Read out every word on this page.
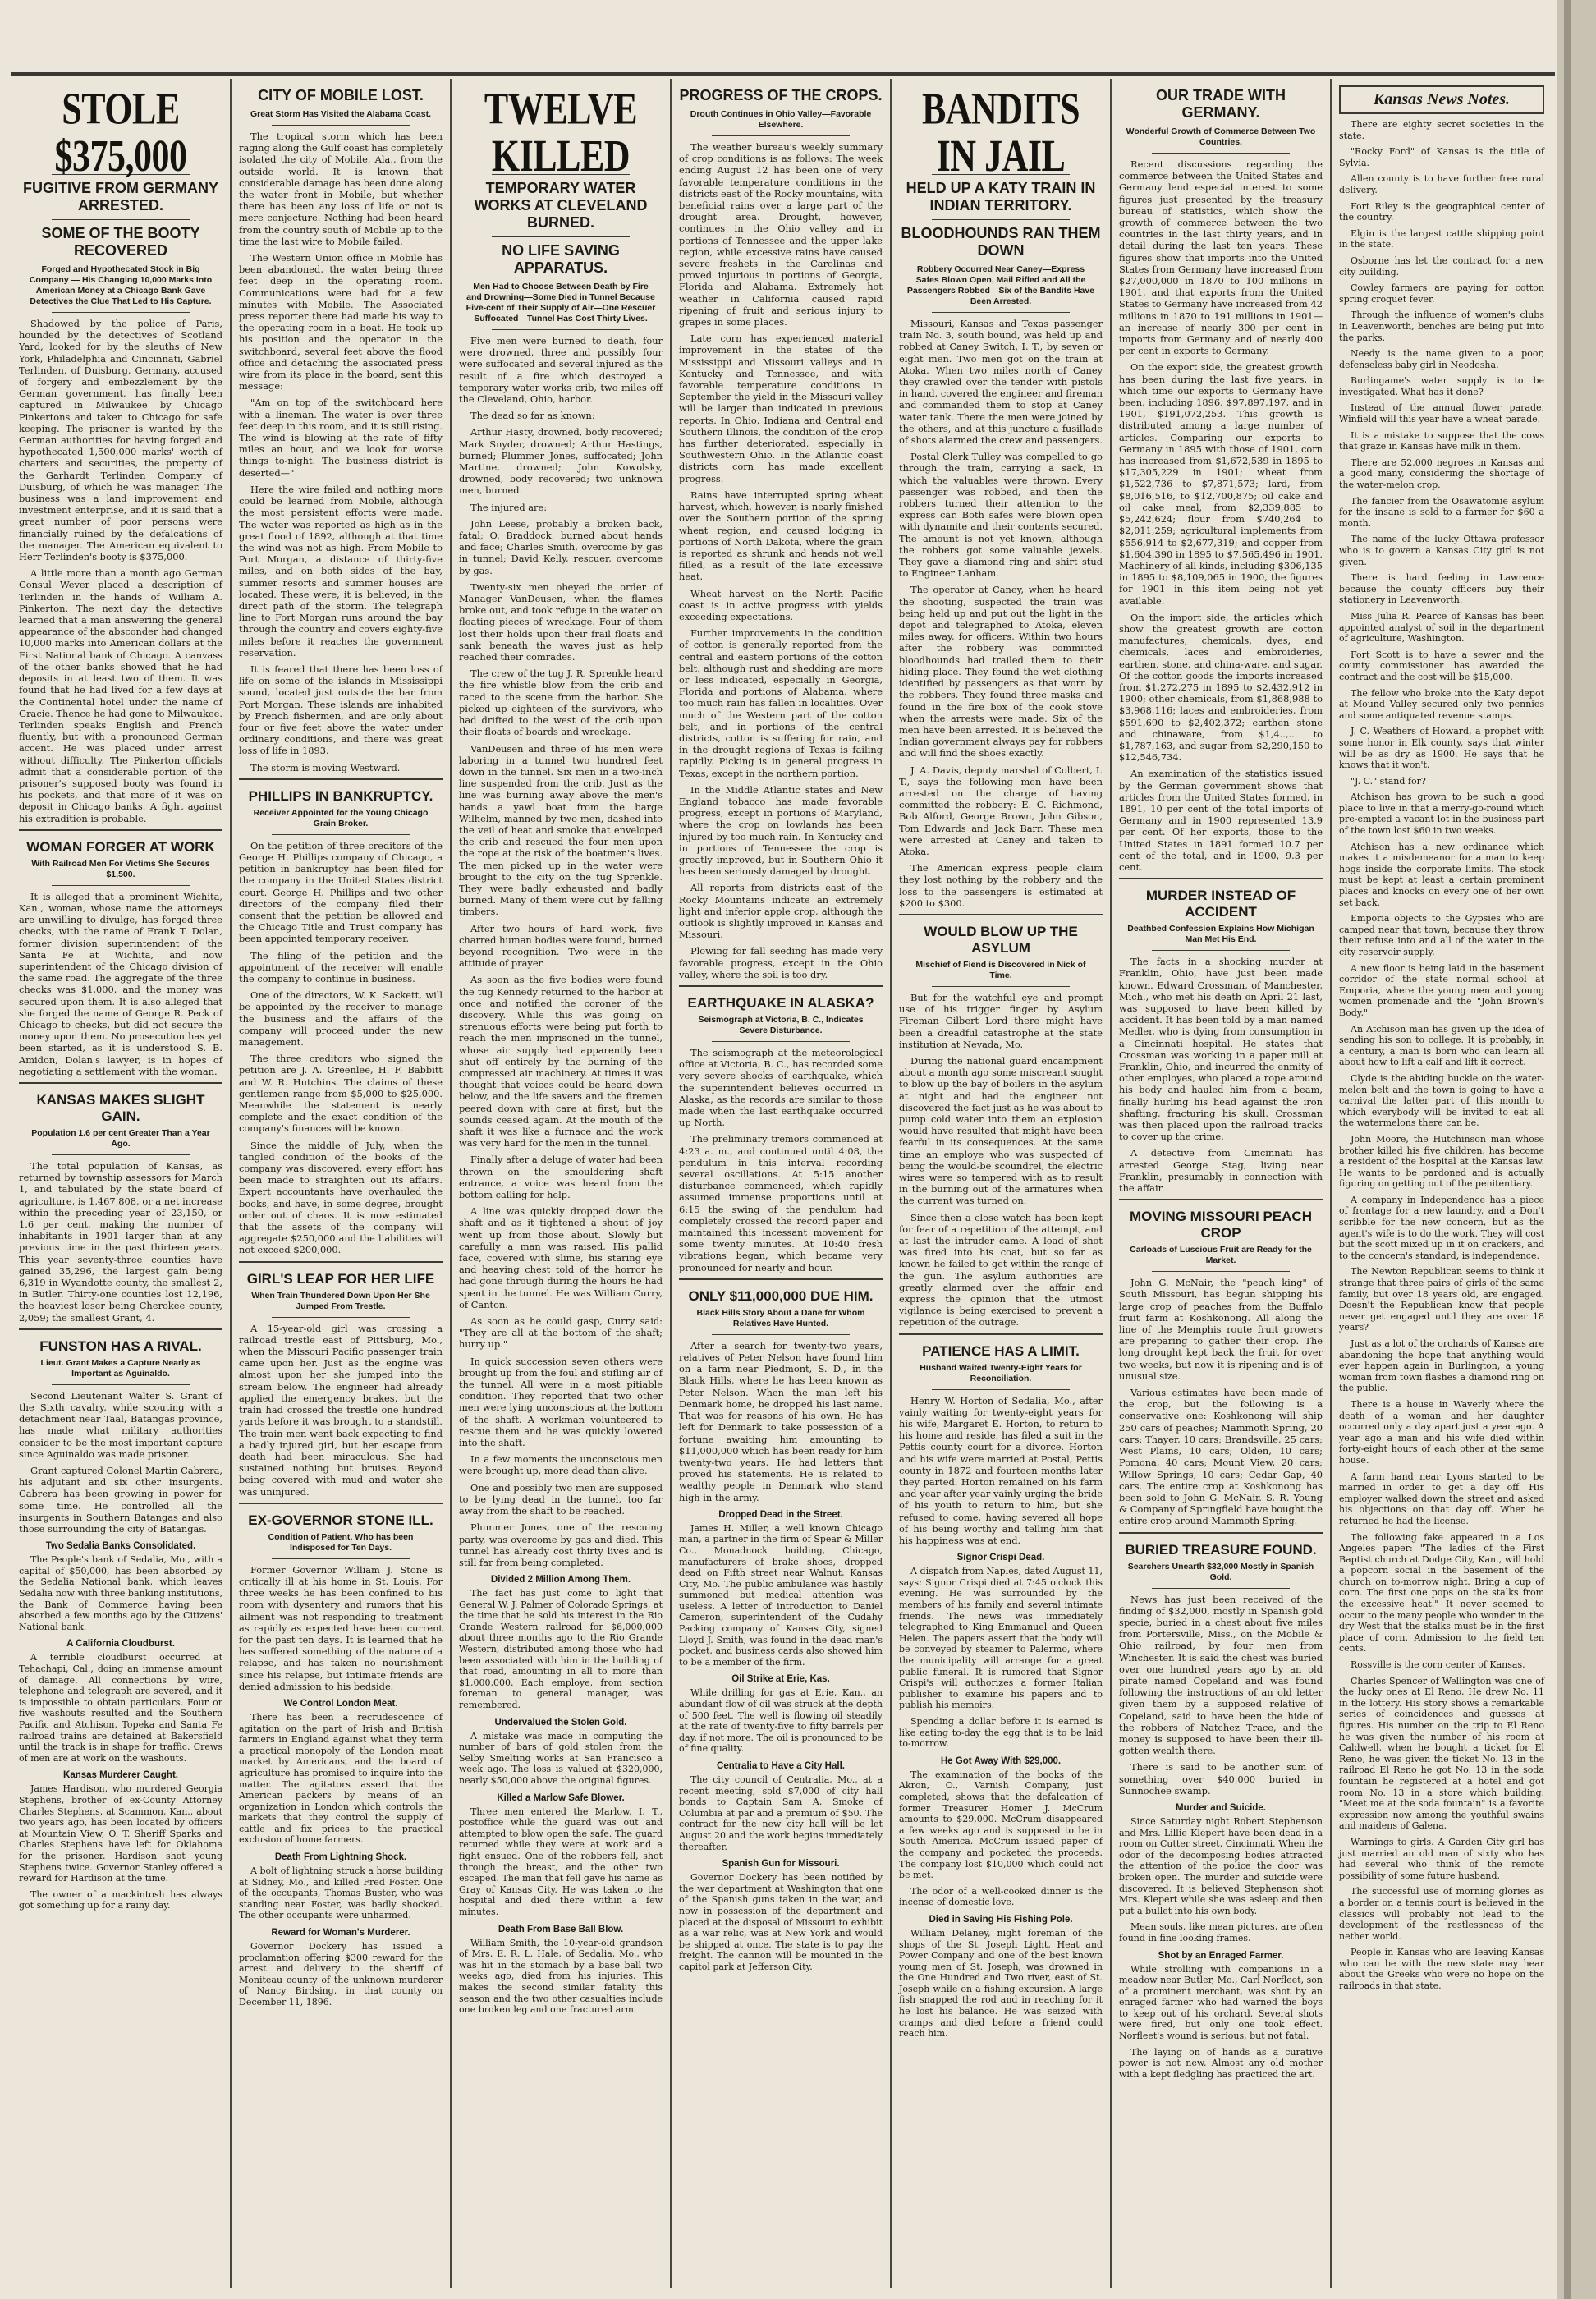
STOLE $375,000
FUGITIVE FROM GERMANY ARRESTED.
SOME OF THE BOOTY RECOVERED
Forged and Hypothecated Stock in Big Company — His Changing 10,000 Marks Into American Money at a Chicago Bank Gave Detectives the Clue That Led to His Capture.

Shadowed by the police of Paris, hounded by the detectives of Scotland Yard, looked for by the sleuths of New York, Philadelphia and Cincinnati, Gabriel Terlinden, of Duisburg, Germany, accused of forgery and embezzlement by the German government, has finally been captured in Milwaukee by Chicago Pinkertons and taken to Chicago for safe keeping. The prisoner is wanted by the German authorities for having forged and hypothecated 1,500,000 marks' worth of charters and securities, the property of the Garhardt Terlinden Company of Duisburg, of which he was manager. The business was a land improvement and investment enterprise, and it is said that a great number of poor persons were financially ruined by the defalcations of the manager. The American equivalent to Herr Terlinden's booty is $375,000.

A little more than a month ago German Consul Wever placed a description of Terlinden in the hands of William A. Pinkerton. The next day the detective learned that a man answering the general appearance of the absconder had changed 10,000 marks into American dollars at the First National bank of Chicago. A canvass of the other banks showed that he had deposits in at least two of them. It was found that he had lived for a few days at the Continental hotel under the name of Gracie. Thence he had gone to Milwaukee. Terlinden speaks English and French fluently, but with a pronounced German accent. He was placed under arrest without difficulty. The Pinkerton officials admit that a considerable portion of the prisoner's supposed booty was found in his pockets, and that more of it was on deposit in Chicago banks. A fight against his extradition is probable.

WOMAN FORGER AT WORK
With Railroad Men For Victims She Secures $1,500.

It is alleged that a prominent Wichita, Kan., woman, whose name the attorneys are unwilling to divulge, has forged three checks, with the name of Frank T. Dolan, former division superintendent of the Santa Fe at Wichita, and now superintendent of the Chicago division of the same road. The aggregate of the three checks was $1,000, and the money was secured upon them. It is also alleged that she forged the name of George R. Peck of Chicago to checks, but did not secure the money upon them. No prosecution has yet been started, as it is understood S. B. Amidon, Dolan's lawyer, is in hopes of negotiating a settlement with the woman.

KANSAS MAKES SLIGHT GAIN.
Population 1.6 per cent Greater Than a Year Ago.

The total population of Kansas, as returned by township assessors for March 1, and tabulated by the state board of agriculture, is 1,467,808, or a net increase within the preceding year of 23,150, or 1.6 per cent, making the number of inhabitants in 1901 larger than at any previous time in the past thirteen years. This year seventy-three counties have gained 35,296, the largest gain being 6,319 in Wyandotte county, the smallest 2, in Butler. Thirty-one counties lost 12,196, the heaviest loser being Cherokee county, 2,059; the smallest Grant, 4.

FUNSTON HAS A RIVAL.
Lieut. Grant Makes a Capture Nearly as Important as Aguinaldo.

Second Lieutenant Walter S. Grant of the Sixth cavalry, while scouting with a detachment near Taal, Batangas province, has made what military authorities consider to be the most important capture since Aguinaldo was made prisoner.

Grant captured Colonel Martin Cabrera, his adjutant and six other insurgents. Cabrera has been growing in power for some time. He controlled all the insurgents in Southern Batangas and also those surrounding the city of Batangas.

Two Sedalia Banks Consolidated.

The People's bank of Sedalia, Mo., with a capital of $50,000, has been absorbed by the Sedalia National bank, which leaves Sedalia now with three banking institutions, the Bank of Commerce having been absorbed a few months ago by the Citizens' National bank.

A California Cloudburst.

A terrible cloudburst occurred at Tehachapi, Cal., doing an immense amount of damage. All connections by wire, telephone and telegraph are severed, and it is impossible to obtain particulars. Four or five washouts resulted and the Southern Pacific and Atchison, Topeka and Santa Fe railroad trains are detained at Bakersfield until the track is in shape for traffic. Crews of men are at work on the washouts.

Kansas Murderer Caught.

James Hardison, who murdered Georgia Stephens, brother of ex-County Attorney Charles Stephens, at Scammon, Kan., about two years ago, has been located by officers at Mountain View, O. T. Sheriff Sparks and Charles Stephens have left for Oklahoma for the prisoner. Hardison shot young Stephens twice. Governor Stanley offered a reward for Hardison at the time.

The owner of a mackintosh has always got something up for a rainy day.

CITY OF MOBILE LOST.
Great Storm Has Visited the Alabama Coast.

The tropical storm which has been raging along the Gulf coast has completely isolated the city of Mobile, Ala., from the outside world. It is known that considerable damage has been done along the water front in Mobile, but whether there has been any loss of life or not is mere conjecture. Nothing had been heard from the country south of Mobile up to the time the last wire to Mobile failed.

The Western Union office in Mobile has been abandoned, the water being three feet deep in the operating room. Communications were had for a few minutes with Mobile. The Associated press reporter there had made his way to the operating room in a boat. He took up his position and the operator in the switchboard, several feet above the flood office and detaching the associated press wire from its place in the board, sent this message:

"Am on top of the switchboard here with a lineman. The water is over three feet deep in this room, and it is still rising. The wind is blowing at the rate of fifty miles an hour, and we look for worse things to-night. The business district is deserted—"

Here the wire failed and nothing more could be learned from Mobile, although the most persistent efforts were made. The water was reported as high as in the great flood of 1892, although at that time the wind was not as high. From Mobile to Port Morgan, a distance of thirty-five miles, and on both sides of the bay, summer resorts and summer houses are located. These were, it is believed, in the direct path of the storm. The telegraph line to Fort Morgan runs around the bay through the country and covers eighty-five miles before it reaches the government reservation.

It is feared that there has been loss of life on some of the islands in Mississippi sound, located just outside the bar from Port Morgan. These islands are inhabited by French fishermen, and are only about four or five feet above the water under ordinary conditions, and there was great loss of life in 1893.

The storm is moving Westward.

PHILLIPS IN BANKRUPTCY.
Receiver Appointed for the Young Chicago Grain Broker.

On the petition of three creditors of the George H. Phillips company of Chicago, a petition in bankruptcy has been filed for the company in the United States district court. George H. Phillips and two other directors of the company filed their consent that the petition be allowed and the Chicago Title and Trust company has been appointed temporary receiver.

The filing of the petition and the appointment of the receiver will enable the company to continue in business.

One of the directors, W. K. Sackett, will be appointed by the receiver to manage the business and the affairs of the company will proceed under the new management.

The three creditors who signed the petition are J. A. Greenlee, H. F. Babbitt and W. R. Hutchins. The claims of these gentlemen range from $5,000 to $25,000. Meanwhile the statement is nearly complete and the exact condition of the company's finances will be known.

Since the middle of July, when the tangled condition of the books of the company was discovered, every effort has been made to straighten out its affairs. Expert accountants have overhauled the books, and have, in some degree, brought order out of chaos. It is now estimated that the assets of the company will aggregate $250,000 and the liabilities will not exceed $200,000.

GIRL'S LEAP FOR HER LIFE
When Train Thundered Down Upon Her She Jumped From Trestle.

A 15-year-old girl was crossing a railroad trestle east of Pittsburg, Mo., when the Missouri Pacific passenger train came upon her. Just as the engine was almost upon her she jumped into the stream below. The engineer had already applied the emergency brakes, but the train had crossed the trestle one hundred yards before it was brought to a standstill. The train men went back expecting to find a badly injured girl, but her escape from death had been miraculous. She had sustained nothing but bruises. Beyond being covered with mud and water she was uninjured.

EX-GOVERNOR STONE ILL.
Condition of Patient, Who has been Indisposed for Ten Days.

Former Governor William J. Stone is critically ill at his home in St. Louis. For three weeks he has been confined to his room with dysentery and rumors that his ailment was not responding to treatment as rapidly as expected have been current for the past ten days. It is learned that he has suffered something of the nature of a relapse, and has taken no nourishment since his relapse, but intimate friends are denied admission to his bedside.

We Control London Meat.

There has been a recrudescence of agitation on the part of Irish and British farmers in England against what they term a practical monopoly of the London meat market by Americans, and the board of agriculture has promised to inquire into the matter. The agitators assert that the American packers by means of an organization in London which controls the markets that they control the supply of cattle and fix prices to the practical exclusion of home farmers.

Death From Lightning Shock.

A bolt of lightning struck a horse building at Sidney, Mo., and killed Fred Foster. One of the occupants, Thomas Buster, who was standing near Foster, was badly shocked. The other occupants were unharmed.

Reward for Woman's Murderer.

Governor Dockery has issued a proclamation offering $300 reward for the arrest and delivery to the sheriff of Moniteau county of the unknown murderer of Nancy Birdsing, in that county on December 11, 1896.

TWELVE KILLED
TEMPORARY WATER WORKS AT CLEVELAND BURNED.
NO LIFE SAVING APPARATUS.
Men Had to Choose Between Death by Fire and Drowning—Some Died in Tunnel Because Five-cent of Their Supply of Air—One Rescuer Suffocated—Tunnel Has Cost Thirty Lives.

Five men were burned to death, four were drowned, three and possibly four were suffocated and several injured as the result of a fire which destroyed a temporary water works crib, two miles off the Cleveland, Ohio, harbor.

The dead so far as known:

Arthur Hasty, drowned, body recovered; Mark Snyder, drowned; Arthur Hastings, burned; Plummer Jones, suffocated; John Martine, drowned; John Kowolsky, drowned, body recovered; two unknown men, burned.

The injured are:

John Leese, probably a broken back, fatal; O. Braddock, burned about hands and face; Charles Smith, overcome by gas in tunnel; David Kelly, rescuer, overcome by gas.

Twenty-six men obeyed the order of Manager VanDeusen, when the flames broke out, and took refuge in the water on floating pieces of wreckage. Four of them lost their holds upon their frail floats and sank beneath the waves just as help reached their comrades.

The crew of the tug J. R. Sprenkle heard the fire whistle blow from the crib and raced to the scene from the harbor. She picked up eighteen of the survivors, who had drifted to the west of the crib upon their floats of boards and wreckage.

VanDeusen and three of his men were laboring in a tunnel two hundred feet down in the tunnel. Six men in a two-inch line suspended from the crib. Just as the line was burning away above the men's hands a yawl boat from the barge Wilhelm, manned by two men, dashed into the veil of heat and smoke that enveloped the crib and rescued the four men upon the rope at the risk of the boatmen's lives. The men picked up in the water were brought to the city on the tug Sprenkle. They were badly exhausted and badly burned. Many of them were cut by falling timbers.

After two hours of hard work, five charred human bodies were found, burned beyond recognition. Two were in the attitude of prayer.

As soon as the five bodies were found the tug Kennedy returned to the harbor at once and notified the coroner of the discovery. While this was going on strenuous efforts were being put forth to reach the men imprisoned in the tunnel, whose air supply had apparently been shut off entirely by the burning of the compressed air machinery. At times it was thought that voices could be heard down below, and the life savers and the firemen peered down with care at first, but the sounds ceased again. At the mouth of the shaft it was like a furnace and the work was very hard for the men in the tunnel.

Finally after a deluge of water had been thrown on the smouldering shaft entrance, a voice was heard from the bottom calling for help.

A line was quickly dropped down the shaft and as it tightened a shout of joy went up from those about. Slowly but carefully a man was raised. His pallid face, covered with slime, his staring eye and heaving chest told of the horror he had gone through during the hours he had spent in the tunnel. He was William Curry, of Canton.

As soon as he could gasp, Curry said: "They are all at the bottom of the shaft; hurry up."

In quick succession seven others were brought up from the foul and stifling air of the tunnel. All were in a most pitiable condition. They reported that two other men were lying unconscious at the bottom of the shaft. A workman volunteered to rescue them and he was quickly lowered into the shaft.

In a few moments the unconscious men were brought up, more dead than alive.

One and possibly two men are supposed to be lying dead in the tunnel, too far away from the shaft to be reached.

Plummer Jones, one of the rescuing party, was overcome by gas and died. This tunnel has already cost thirty lives and is still far from being completed.

Divided 2 Million Among Them.

The fact has just come to light that General W. J. Palmer of Colorado Springs, at the time that he sold his interest in the Rio Grande Western railroad for $6,000,000 about three months ago to the Rio Grande Western, distributed among those who had been associated with him in the building of that road, amounting in all to more than $1,000,000. Each employe, from section foreman to general manager, was remembered.

Undervalued the Stolen Gold.

A mistake was made in computing the number of bars of gold stolen from the Selby Smelting works at San Francisco a week ago. The loss is valued at $320,000, nearly $50,000 above the original figures.

Killed a Marlow Safe Blower.

Three men entered the Marlow, I. T., postoffice while the guard was out and attempted to blow open the safe. The guard returned while they were at work and a fight ensued. One of the robbers fell, shot through the breast, and the other two escaped. The man that fell gave his name as Gray of Kansas City. He was taken to the hospital and died there within a few minutes.

Death From Base Ball Blow.

William Smith, the 10-year-old grandson of Mrs. E. R. L. Hale, of Sedalia, Mo., who was hit in the stomach by a base ball two weeks ago, died from his injuries. This makes the second similar fatality this season and the two other casualties include one broken leg and one fractured arm.

PROGRESS OF THE CROPS.
Drouth Continues in Ohio Valley—Favorable Elsewhere.

The weather bureau's weekly summary of crop conditions is as follows: The week ending August 12 has been one of very favorable temperature conditions in the districts east of the Rocky mountains, with beneficial rains over a large part of the drought area. Drought, however, continues in the Ohio valley and in portions of Tennessee and the upper lake region, while excessive rains have caused severe freshets in the Carolinas and proved injurious in portions of Georgia, Florida and Alabama. Extremely hot weather in California caused rapid ripening of fruit and serious injury to grapes in some places.

Late corn has experienced material improvement in the states of the Mississippi and Missouri valleys and in Kentucky and Tennessee, and with favorable temperature conditions in September the yield in the Missouri valley will be larger than indicated in previous reports. In Ohio, Indiana and Central and Southern Illinois, the condition of the crop has further deteriorated, especially in Southwestern Ohio. In the Atlantic coast districts corn has made excellent progress.

Rains have interrupted spring wheat harvest, which, however, is nearly finished over the Southern portion of the spring wheat region, and caused lodging in portions of North Dakota, where the grain is reported as shrunk and heads not well filled, as a result of the late excessive heat.

Wheat harvest on the North Pacific coast is in active progress with yields exceeding expectations.

Further improvements in the condition of cotton is generally reported from the central and eastern portions of the cotton belt, although rust and shedding are more or less indicated, especially in Georgia, Florida and portions of Alabama, where too much rain has fallen in localities. Over much of the Western part of the cotton belt, and in portions of the central districts, cotton is suffering for rain, and in the drought regions of Texas is failing rapidly. Picking is in general progress in Texas, except in the northern portion.

In the Middle Atlantic states and New England tobacco has made favorable progress, except in portions of Maryland, where the crop on lowlands has been injured by too much rain. In Kentucky and in portions of Tennessee the crop is greatly improved, but in Southern Ohio it has been seriously damaged by drought.

All reports from districts east of the Rocky Mountains indicate an extremely light and inferior apple crop, although the outlook is slightly improved in Kansas and Missouri.

Plowing for fall seeding has made very favorable progress, except in the Ohio valley, where the soil is too dry.

EARTHQUAKE IN ALASKA?
Seismograph at Victoria, B. C., Indicates Severe Disturbance.

The seismograph at the meteorological office at Victoria, B. C., has recorded some very severe shocks of earthquake, which the superintendent believes occurred in Alaska, as the records are similar to those made when the last earthquake occurred up North.

The preliminary tremors commenced at 4:23 a. m., and continued until 4:08, the pendulum in this interval recording several oscillations. At 5:15 another disturbance commenced, which rapidly assumed immense proportions until at 6:15 the swing of the pendulum had completely crossed the record paper and maintained this incessant movement for some twenty minutes. At 10:40 fresh vibrations began, which became very pronounced for nearly and hour.

ONLY $11,000,000 DUE HIM.
Black Hills Story About a Dane for Whom Relatives Have Hunted.

After a search for twenty-two years, relatives of Peter Nelson have found him on a farm near Piedmont, S. D., in the Black Hills, where he has been known as Peter Nelson. When the man left his Denmark home, he dropped his last name. That was for reasons of his own. He has left for Denmark to take possession of a fortune awaiting him amounting to $11,000,000 which has been ready for him twenty-two years. He had letters that proved his statements. He is related to wealthy people in Denmark who stand high in the army.

Dropped Dead in the Street.

James H. Miller, a well known Chicago man, a partner in the firm of Spear & Miller Co., Monadnock building, Chicago, manufacturers of brake shoes, dropped dead on Fifth street near Walnut, Kansas City, Mo. The public ambulance was hastily summoned but medical attention was useless. A letter of introduction to Daniel Cameron, superintendent of the Cudahy Packing company of Kansas City, signed Lloyd J. Smith, was found in the dead man's pocket, and business cards also showed him to be a member of the firm.

Oil Strike at Erie, Kas.

While drilling for gas at Erie, Kan., an abundant flow of oil was struck at the depth of 500 feet. The well is flowing oil steadily at the rate of twenty-five to fifty barrels per day, if not more. The oil is pronounced to be of fine quality.

Centralia to Have a City Hall.

The city council of Centralia, Mo., at a recent meeting, sold $7,000 of city hall bonds to Captain Sam A. Smoke of Columbia at par and a premium of $50. The contract for the new city hall will be let August 20 and the work begins immediately thereafter.

Spanish Gun for Missouri.

Governor Dockery has been notified by the war department at Washington that one of the Spanish guns taken in the war, and now in possession of the department and placed at the disposal of Missouri to exhibit as a war relic, was at New York and would be shipped at once. The state is to pay the freight. The cannon will be mounted in the capitol park at Jefferson City.

BANDITS IN JAIL
HELD UP A KATY TRAIN IN INDIAN TERRITORY.
BLOODHOUNDS RAN THEM DOWN
Robbery Occurred Near Caney—Express Safes Blown Open, Mail Rifled and All the Passengers Robbed—Six of the Bandits Have Been Arrested.

Missouri, Kansas and Texas passenger train No. 3, south bound, was held up and robbed at Caney Switch, I. T., by seven or eight men. Two men got on the train at Atoka. When two miles north of Caney they crawled over the tender with pistols in hand, covered the engineer and fireman and commanded them to stop at Caney water tank. There the men were joined by the others, and at this juncture a fusillade of shots alarmed the crew and passengers.

Postal Clerk Tulley was compelled to go through the train, carrying a sack, in which the valuables were thrown. Every passenger was robbed, and then the robbers turned their attention to the express car. Both safes were blown open with dynamite and their contents secured. The amount is not yet known, although the robbers got some valuable jewels. They gave a diamond ring and shirt stud to Engineer Lanham.

The operator at Caney, when he heard the shooting, suspected the train was being held up and put out the light in the depot and telegraphed to Atoka, eleven miles away, for officers. Within two hours after the robbery was committed bloodhounds had trailed them to their hiding place. They found the wet clothing identified by passengers as that worn by the robbers. They found three masks and found in the fire box of the cook stove when the arrests were made. Six of the men have been arrested. It is believed the Indian government always pay for robbers and will find the shoes exactly.

J. A. Davis, deputy marshal of Colbert, I. T., says the following men have been arrested on the charge of having committed the robbery: E. C. Richmond, Bob Alford, George Brown, John Gibson, Tom Edwards and Jack Barr. These men were arrested at Caney and taken to Atoka.

The American express people claim they lost nothing by the robbery and the loss to the passengers is estimated at $200 to $300.

WOULD BLOW UP THE ASYLUM
Mischief of Fiend is Discovered in Nick of Time.

But for the watchful eye and prompt use of his trigger finger by Asylum Fireman Gilbert Lord there might have been a dreadful catastrophe at the state institution at Nevada, Mo.

During the national guard encampment about a month ago some miscreant sought to blow up the bay of boilers in the asylum at night and had the engineer not discovered the fact just as he was about to pump cold water into them an explosion would have resulted that might have been fearful in its consequences. At the same time an employe who was suspected of being the would-be scoundrel, the electric wires were so tampered with as to result in the burning out of the armatures when the current was turned on.

Since then a close watch has been kept for fear of a repetition of the attempt, and at last the intruder came. A load of shot was fired into his coat, but so far as known he failed to get within the range of the gun. The asylum authorities are greatly alarmed over the affair and express the opinion that the utmost vigilance is being exercised to prevent a repetition of the outrage.

PATIENCE HAS A LIMIT.
Husband Waited Twenty-Eight Years for Reconciliation.

Henry W. Horton of Sedalia, Mo., after vainly waiting for twenty-eight years for his wife, Margaret E. Horton, to return to his home and reside, has filed a suit in the Pettis county court for a divorce. Horton and his wife were married at Postal, Pettis county in 1872 and fourteen months later they parted. Horton remained on his farm and year after year vainly urging the bride of his youth to return to him, but she refused to come, having severed all hope of his being worthy and telling him that his happiness was at end.

Signor Crispi Dead.

A dispatch from Naples, dated August 11, says: Signor Crispi died at 7:45 o'clock this evening. He was surrounded by the members of his family and several intimate friends. The news was immediately telegraphed to King Emmanuel and Queen Helen. The papers assert that the body will be conveyed by steamer to Palermo, where the municipality will arrange for a great public funeral. It is rumored that Signor Crispi's will authorizes a former Italian publisher to examine his papers and to publish his memoirs.

Spending a dollar before it is earned is like eating to-day the egg that is to be laid to-morrow.

He Got Away With $29,000.

The examination of the books of the Akron, O., Varnish Company, just completed, shows that the defalcation of former Treasurer Homer J. McCrum amounts to $29,000. McCrum disappeared a few weeks ago and is supposed to be in South America. McCrum issued paper of the company and pocketed the proceeds. The company lost $10,000 which could not be met.

The odor of a well-cooked dinner is the incense of domestic love.

Died in Saving His Fishing Pole.

William Delaney, night foreman of the shops of the St. Joseph Light, Heat and Power Company and one of the best known young men of St. Joseph, was drowned in the One Hundred and Two river, east of St. Joseph while on a fishing excursion. A large fish snapped the rod and in reaching for it he lost his balance. He was seized with cramps and died before a friend could reach him.

OUR TRADE WITH GERMANY.
Wonderful Growth of Commerce Between Two Countries.

Recent discussions regarding the commerce between the United States and Germany lend especial interest to some figures just presented by the treasury bureau of statistics, which show the growth of commerce between the two countries in the last thirty years, and in detail during the last ten years. These figures show that imports into the United States from Germany have increased from $27,000,000 in 1870 to 100 millions in 1901, and that exports from the United States to Germany have increased from 42 millions in 1870 to 191 millions in 1901—an increase of nearly 300 per cent in imports from Germany and of nearly 400 per cent in exports to Germany.

On the export side, the greatest growth has been during the last five years, in which time our exports to Germany have been, including 1896, $97,897,197, and in 1901, $191,072,253. This growth is distributed among a large number of articles. Comparing our exports to Germany in 1895 with those of 1901, corn has increased from $1,672,539 in 1895 to $17,305,229 in 1901; wheat from $1,522,736 to $7,871,573; lard, from $8,016,516, to $12,700,875; oil cake and oil cake meal, from $2,339,885 to $5,242,624; flour from $740,264 to $2,011,259; agricultural implements from $556,914 to $2,677,319; and copper from $1,604,390 in 1895 to $7,565,496 in 1901. Machinery of all kinds, including $306,135 in 1895 to $8,109,065 in 1900, the figures for 1901 in this item being not yet available.

On the import side, the articles which show the greatest growth are cotton manufactures, chemicals, dyes, and chemicals, laces and embroideries, earthen, stone, and china-ware, and sugar. Of the cotton goods the imports increased from $1,272,275 in 1895 to $2,432,912 in 1900; other chemicals, from $1,868,988 to $3,968,116; laces and embroideries, from $591,690 to $2,402,372; earthen stone and chinaware, from $1,4..,... to $1,787,163, and sugar from $2,290,150 to $12,546,734.

An examination of the statistics issued by the German government shows that articles from the United States formed, in 1891, 10 per cent of the total imports of Germany and in 1900 represented 13.9 per cent. Of her exports, those to the United States in 1891 formed 10.7 per cent of the total, and in 1900, 9.3 per cent.

MURDER INSTEAD OF ACCIDENT
Deathbed Confession Explains How Michigan Man Met His End.

The facts in a shocking murder at Franklin, Ohio, have just been made known. Edward Crossman, of Manchester, Mich., who met his death on April 21 last, was supposed to have been killed by accident. It has been told by a man named Medler, who is dying from consumption in a Cincinnati hospital. He states that Crossman was working in a paper mill at Franklin, Ohio, and incurred the enmity of other employes, who placed a rope around his body and hauled him from a beam, finally hurling his head against the iron shafting, fracturing his skull. Crossman was then placed upon the railroad tracks to cover up the crime.

A detective from Cincinnati has arrested George Stag, living near Franklin, presumably in connection with the affair.

MOVING MISSOURI PEACH CROP
Carloads of Luscious Fruit are Ready for the Market.

John G. McNair, the "peach king" of South Missouri, has begun shipping his large crop of peaches from the Buffalo fruit farm at Koshkonong. All along the line of the Memphis route fruit growers are preparing to gather their crop. The long drought kept back the fruit for over two weeks, but now it is ripening and is of unusual size.

Various estimates have been made of the crop, but the following is a conservative one: Koshkonong will ship 250 cars of peaches; Mammoth Spring, 20 cars; Thayer, 10 cars; Brandsville, 25 cars; West Plains, 10 cars; Olden, 10 cars; Pomona, 40 cars; Mount View, 20 cars; Willow Springs, 10 cars; Cedar Gap, 40 cars. The entire crop at Koshkonong has been sold to John G. McNair. S. R. Young & Company of Springfield have bought the entire crop around Mammoth Spring.

BURIED TREASURE FOUND.
Searchers Unearth $32,000 Mostly in Spanish Gold.

News has just been received of the finding of $32,000, mostly in Spanish gold specie, buried in a chest about five miles from Portersville, Miss., on the Mobile & Ohio railroad, by four men from Winchester. It is said the chest was buried over one hundred years ago by an old pirate named Copeland and was found following the instructions of an old letter given them by a supposed relative of Copeland, said to have been the hide of the robbers of Natchez Trace, and the money is supposed to have been their ill-gotten wealth there.

There is said to be another sum of something over $40,000 buried in Sunnochee swamp.

Murder and Suicide.

Since Saturday night Robert Stephenson and Mrs. Lillie Klepert have been dead in a room on Cutter street, Cincinnati. When the odor of the decomposing bodies attracted the attention of the police the door was broken open. The murder and suicide were discovered. It is believed Stephenson shot Mrs. Klepert while she was asleep and then put a bullet into his own body.

Mean souls, like mean pictures, are often found in fine looking frames.

Shot by an Enraged Farmer.

While strolling with companions in a meadow near Butler, Mo., Carl Norfleet, son of a prominent merchant, was shot by an enraged farmer who had warned the boys to keep out of his orchard. Several shots were fired, but only one took effect. Norfleet's wound is serious, but not fatal.

The laying on of hands as a curative power is not new. Almost any old mother with a kept fledgling has practiced the art.

Kansas News Notes.

There are eighty secret societies in the state.

"Rocky Ford" of Kansas is the title of Sylvia.

Allen county is to have further free rural delivery.

Fort Riley is the geographical center of the country.

Elgin is the largest cattle shipping point in the state.

Osborne has let the contract for a new city building.

Cowley farmers are paying for cotton spring croquet fever.

Through the influence of women's clubs in Leavenworth, benches are being put into the parks.

Needy is the name given to a poor, defenseless baby girl in Neodesha.

Burlingame's water supply is to be investigated. What has it done?

Instead of the annual flower parade, Winfield will this year have a wheat parade.

It is a mistake to suppose that the cows that graze in Kansas have milk in them.

There are 52,000 negroes in Kansas and a good many, considering the shortage of the water-melon crop.

The fancier from the Osawatomie asylum for the insane is sold to a farmer for $60 a month.

The name of the lucky Ottawa professor who is to govern a Kansas City girl is not given.

There is hard feeling in Lawrence because the county officers buy their stationery in Leavenworth.

Miss Julia R. Pearce of Kansas has been appointed analyst of soil in the department of agriculture, Washington.

Fort Scott is to have a sewer and the county commissioner has awarded the contract and the cost will be $15,000.

The fellow who broke into the Katy depot at Mound Valley secured only two pennies and some antiquated revenue stamps.

J. C. Weathers of Howard, a prophet with some honor in Elk county, says that winter will be as dry as 1900. He says that he knows that it won't.

"J. C." stand for?

Atchison has grown to be such a good place to live in that a merry-go-round which pre-empted a vacant lot in the business part of the town lost $60 in two weeks.

Atchison has a new ordinance which makes it a misdemeanor for a man to keep hogs inside the corporate limits. The stock must be kept at least a certain prominent places and knocks on every one of her own set back.

Emporia objects to the Gypsies who are camped near that town, because they throw their refuse into and all of the water in the city reservoir supply.

A new floor is being laid in the basement corridor of the state normal school at Emporia, where the young men and young women promenade and the "John Brown's Body."

An Atchison man has given up the idea of sending his son to college. It is probably, in a century, a man is born who can learn all about how to lift a calf and lift it correct.

Clyde is the abiding buckle on the water-melon belt and the town is going to have a carnival the latter part of this month to which everybody will be invited to eat all the watermelons there can be.

John Moore, the Hutchinson man whose brother killed his five children, has become a resident of the hospital at the Kansas law. He wants to be pardoned and is actually figuring on getting out of the penitentiary.

A company in Independence has a piece of frontage for a new laundry, and a Don't scribble for the new concern, but as the agent's wife is to do the work. They will cost but the scott mixed up in it on crackers, and to the concern's standard, is independence.

The Newton Republican seems to think it strange that three pairs of girls of the same family, but over 18 years old, are engaged. Doesn't the Republican know that people never get engaged until they are over 18 years?

Just as a lot of the orchards of Kansas are abandoning the hope that anything would ever happen again in Burlington, a young woman from town flashes a diamond ring on the public.

There is a house in Waverly where the death of a woman and her daughter occurred only a day apart just a year ago. A year ago a man and his wife died within forty-eight hours of each other at the same house.

A farm hand near Lyons started to be married in order to get a day off. His employer walked down the street and asked his objections on that day off. When he returned he had the license.

The following fake appeared in a Los Angeles paper: "The ladies of the First Baptist church at Dodge City, Kan., will hold a popcorn social in the basement of the church on to-morrow night. Bring a cup of corn. The first one pops on the stalks from the excessive heat." It never seemed to occur to the many people who wonder in the dry West that the stalks must be in the first place of corn. Admission to the field ten cents.

Rossville is the corn center of Kansas.

Charles Spencer of Wellington was one of the lucky ones at El Reno. He drew No. 11 in the lottery. His story shows a remarkable series of coincidences and guesses at figures. His number on the trip to El Reno he was given the number of his room at Caldwell, when he bought a ticket for El Reno, he was given the ticket No. 13 in the railroad El Reno he got No. 13 in the soda fountain he registered at a hotel and got room No. 13 in a store which building. "Meet me at the soda fountain" is a favorite expression now among the youthful swains and maidens of Galena.

Warnings to girls. A Garden City girl has just married an old man of sixty who has had several who think of the remote possibility of some future husband.

The successful use of morning glories as a border on a tennis court is believed in the classics will probably not lead to the development of the restlessness of the nether world.

People in Kansas who are leaving Kansas who can be with the new state may hear about the Greeks who were no hope on the railroads in that state.
